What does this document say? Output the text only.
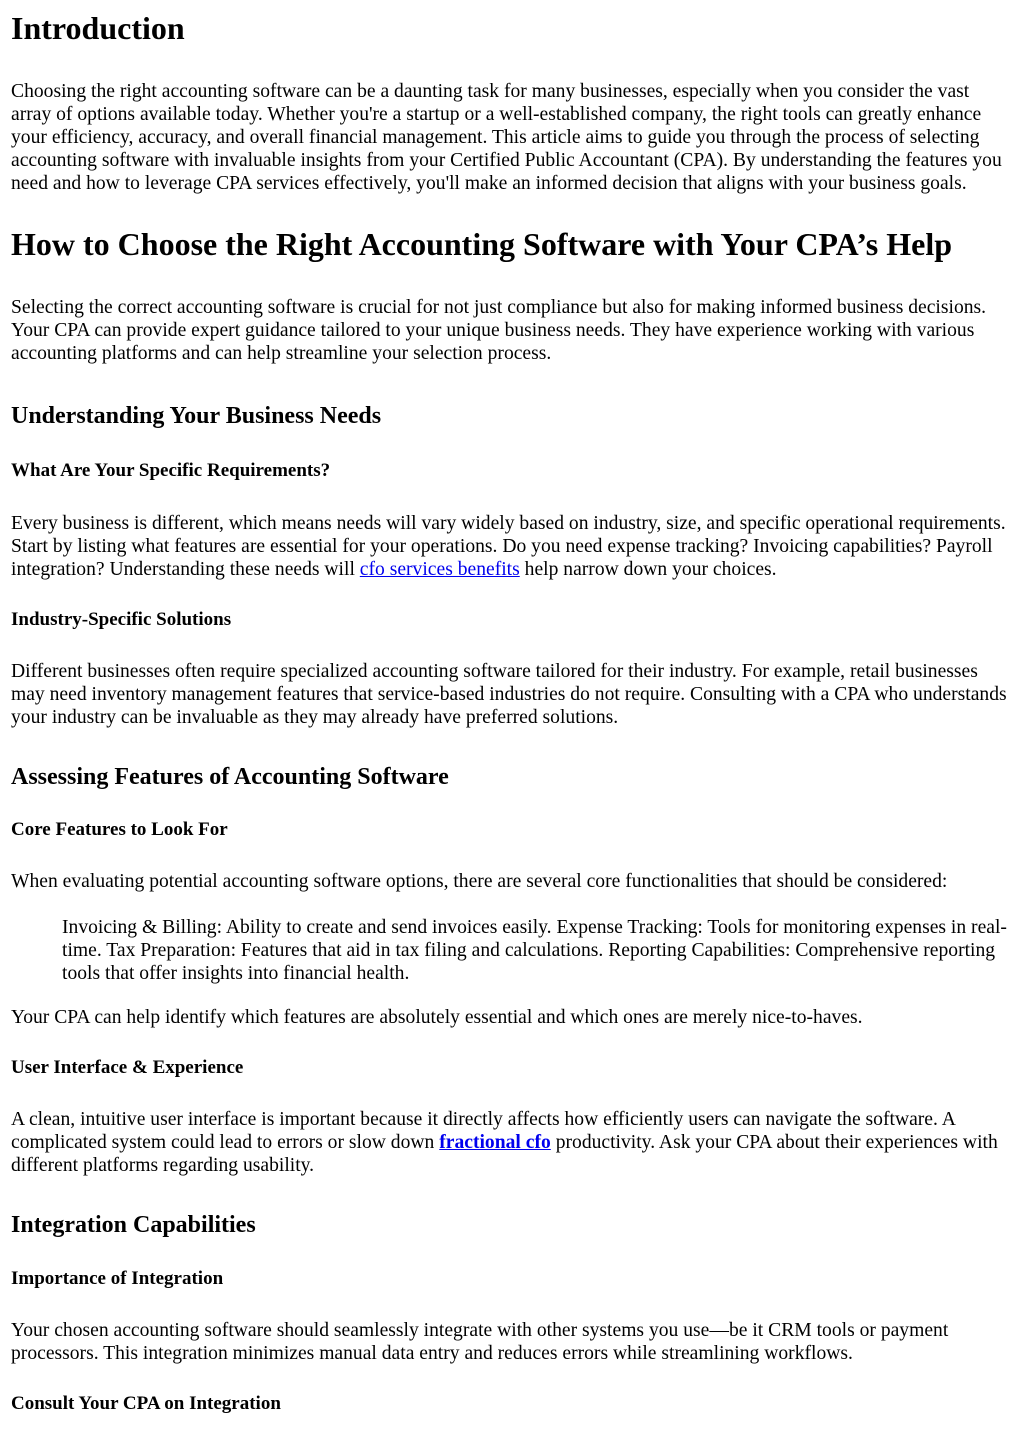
Introduction

Choosing the right accounting software can be a daunting task for many businesses, especially when you consider the vast array of options available today. Whether you're a startup or a well-established company, the right tools can greatly enhance your efficiency, accuracy, and overall financial management. This article aims to guide you through the process of selecting accounting software with invaluable insights from your Certified Public Accountant (CPA). By understanding the features you need and how to leverage CPA services effectively, you'll make an informed decision that aligns with your business goals.

How to Choose the Right Accounting Software with Your CPA’s Help

Selecting the correct accounting software is crucial for not just compliance but also for making informed business decisions. Your CPA can provide expert guidance tailored to your unique business needs. They have experience working with various accounting platforms and can help streamline your selection process.

Understanding Your Business Needs
What Are Your Specific Requirements?

Every business is different, which means needs will vary widely based on industry, size, and specific operational requirements. Start by listing what features are essential for your operations. Do you need expense tracking? Invoicing capabilities? Payroll integration? Understanding these needs will cfo services benefits help narrow down your choices.

Industry-Specific Solutions

Different businesses often require specialized accounting software tailored for their industry. For example, retail businesses may need inventory management features that service-based industries do not require. Consulting with a CPA who understands your industry can be invaluable as they may already have preferred solutions.

Assessing Features of Accounting Software
Core Features to Look For

When evaluating potential accounting software options, there are several core functionalities that should be considered:

Invoicing & Billing: Ability to create and send invoices easily. Expense Tracking: Tools for monitoring expenses in real-time. Tax Preparation: Features that aid in tax filing and calculations. Reporting Capabilities: Comprehensive reporting tools that offer insights into financial health.

Your CPA can help identify which features are absolutely essential and which ones are merely nice-to-haves.

User Interface & Experience

A clean, intuitive user interface is important because it directly affects how efficiently users can navigate the software. A complicated system could lead to errors or slow down fractional cfo productivity. Ask your CPA about their experiences with different platforms regarding usability.

Integration Capabilities
Importance of Integration

Your chosen accounting software should seamlessly integrate with other systems you use—be it CRM tools or payment processors. This integration minimizes manual data entry and reduces errors while streamlining workflows.

Consult Your CPA on Integration
